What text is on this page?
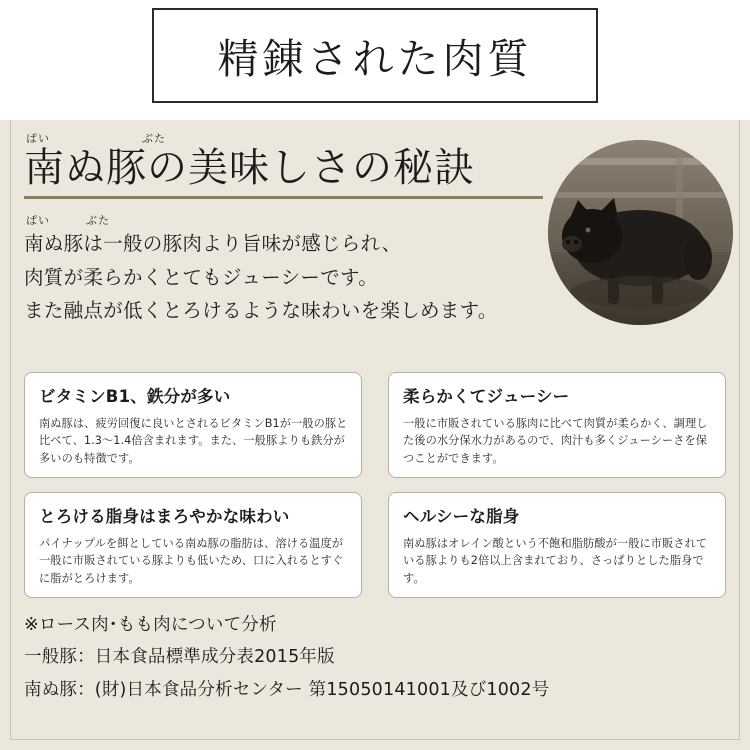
精錬された肉質
ぱい	ぶた
南ぬ豚の美味しさの秘訣
ぱい	ぶた

南ぬ豚は一般の豚肉より旨味が感じられ、

肉質が柔らかくとてもジューシーです。

また融点が低くとろけるような味わいを楽しめます。

ビタミンB1、鉄分が多い

南ぬ豚は、疲労回復に良いとされるビタミンB1が一般の豚と比べて、1.3〜1.4倍含まれます。また、一般豚よりも鉄分が多いのも特徴です。

柔らかくてジューシー

一般に市販されている豚肉に比べて肉質が柔らかく、調理した後の水分保水力があるので、肉汁も多くジューシーさを保つことができます。

とろける脂身はまろやかな味わい

パイナップルを餌としている南ぬ豚の脂肪は、溶ける温度が一般に市販されている豚よりも低いため、口に入れるとすぐに脂がとろけます。

ヘルシーな脂身

南ぬ豚はオレイン酸という不飽和脂肪酸が一般に市販されている豚よりも2倍以上含まれており、さっぱりとした脂身です。

※ロース肉･もも肉について分析

一般豚：日本食品標準成分表2015年版

南ぬ豚：(財)日本食品分析センター 第15050141001及び1002号
